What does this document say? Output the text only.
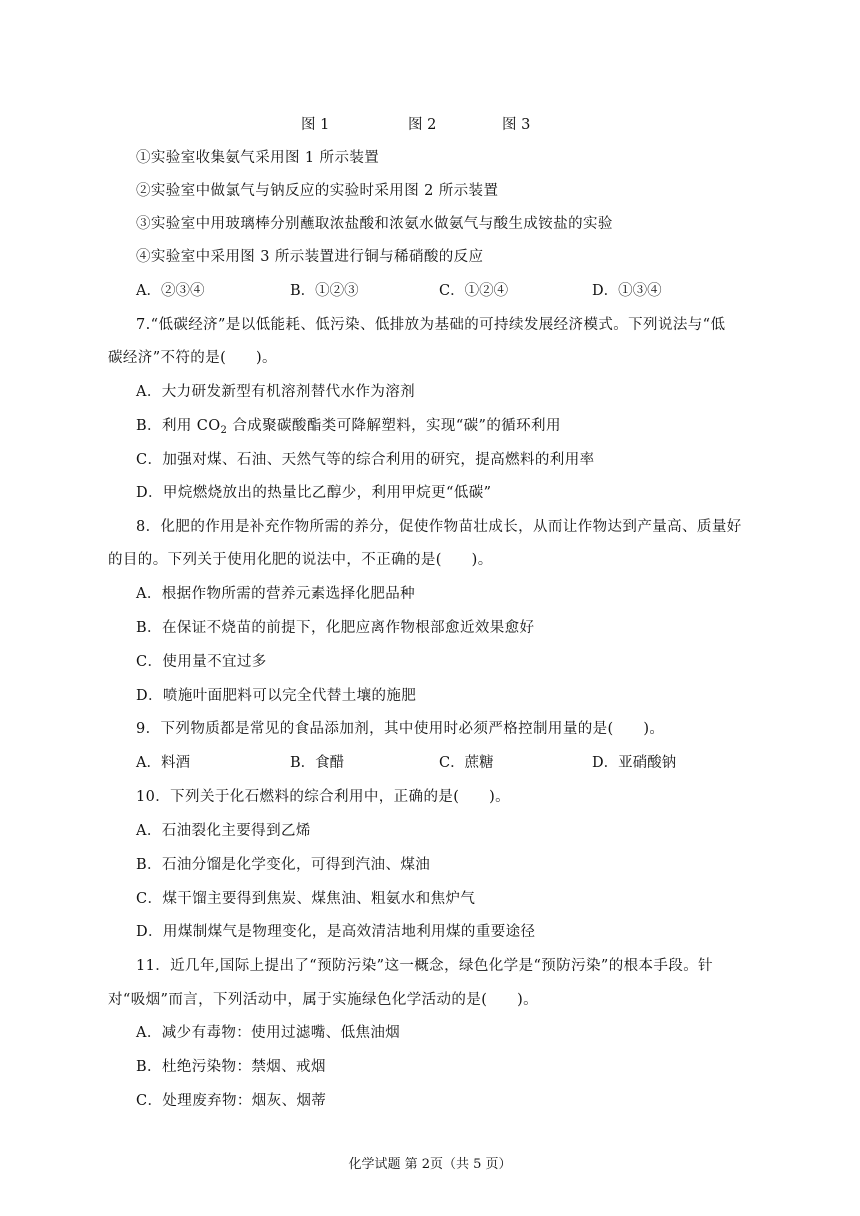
图 1	图 2	图 3
①实验室收集氨气采用图 1 所示装置
②实验室中做氯气与钠反应的实验时采用图 2 所示装置
③实验室中用玻璃棒分别蘸取浓盐酸和浓氨水做氨气与酸生成铵盐的实验
④实验室中采用图 3 所示装置进行铜与稀硝酸的反应
A．②③④	B．①②③	C．①②④	D．①③④
7.“低碳经济”是以低能耗、低污染、低排放为基础的可持续发展经济模式。下列说法与“低
碳经济”不符的是(　　)。
A．大力研发新型有机溶剂替代水作为溶剂
B．利用 $CO_2$ 合成聚碳酸酯类可降解塑料，实现“碳”的循环利用
C．加强对煤、石油、天然气等的综合利用的研究，提高燃料的利用率
D．甲烷燃烧放出的热量比乙醇少，利用甲烷更“低碳”
8．化肥的作用是补充作物所需的养分，促使作物苗壮成长，从而让作物达到产量高、质量好
的目的。下列关于使用化肥的说法中，不正确的是(　　)。
A．根据作物所需的营养元素选择化肥品种
B．在保证不烧苗的前提下，化肥应离作物根部愈近效果愈好
C．使用量不宜过多
D．喷施叶面肥料可以完全代替土壤的施肥
9．下列物质都是常见的食品添加剂，其中使用时必须严格控制用量的是(　　)。
A．料酒	B．食醋	C．蔗糖	D．亚硝酸钠
10．下列关于化石燃料的综合利用中，正确的是(　　)。
A．石油裂化主要得到乙烯
B．石油分馏是化学变化，可得到汽油、煤油
C．煤干馏主要得到焦炭、煤焦油、粗氨水和焦炉气
D．用煤制煤气是物理变化，是高效清洁地利用煤的重要途径
11．近几年,国际上提出了“预防污染”这一概念，绿色化学是“预防污染”的根本手段。针
对“吸烟”而言，下列活动中，属于实施绿色化学活动的是(　　)。
A．减少有毒物：使用过滤嘴、低焦油烟
B．杜绝污染物：禁烟、戒烟
C．处理废弃物：烟灰、烟蒂
化学试题 第 2页（共 5 页）
